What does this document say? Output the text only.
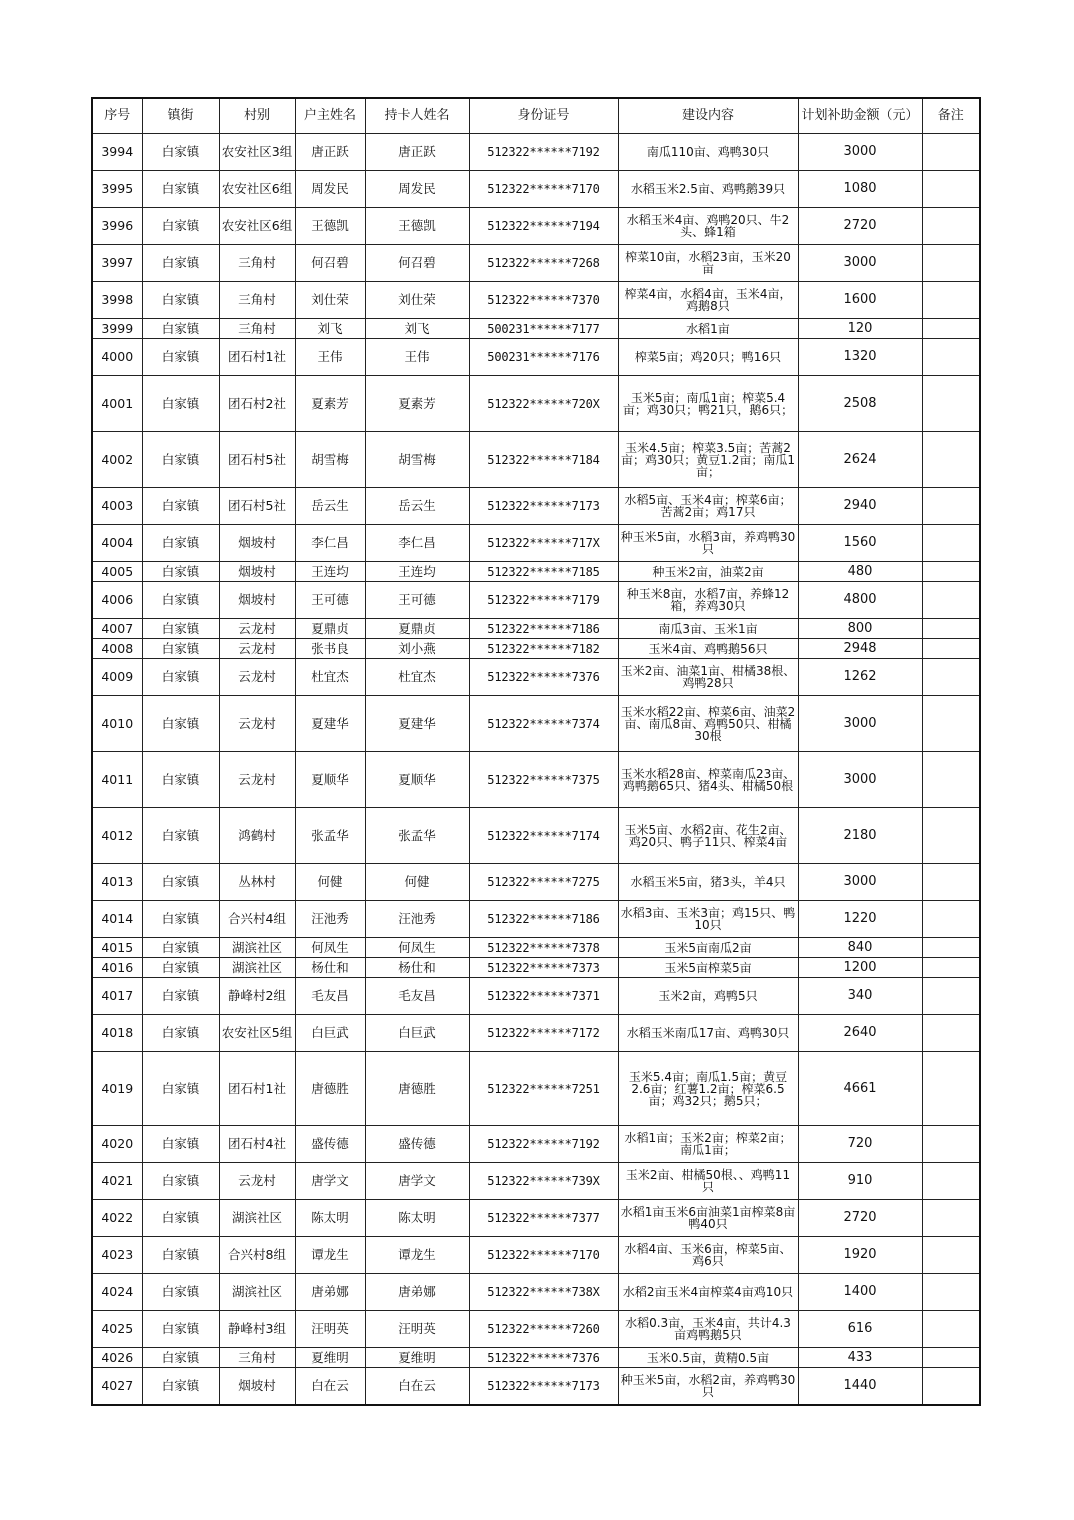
序号	镇街	村别	户主姓名	持卡人姓名	身份证号	建设内容	计划补助金额（元）	备注
3994	白家镇	农安社区3组	唐正跃	唐正跃	512322******7192	南瓜110亩、鸡鸭30只	3000	
3995	白家镇	农安社区6组	周发民	周发民	512322******7170	水稻玉米2.5亩、鸡鸭鹅39只	1080	
3996	白家镇	农安社区6组	王德凯	王德凯	512322******7194	水稻玉米4亩、鸡鸭20只、牛2头、蜂1箱	2720	
3997	白家镇	三角村	何召碧	何召碧	512322******7268	榨菜10亩，水稻23亩，玉米20亩	3000	
3998	白家镇	三角村	刘仕荣	刘仕荣	512322******7370	榨菜4亩，水稻4亩，玉米4亩，鸡鹅8只	1600	
3999	白家镇	三角村	刘飞	刘飞	500231******7177	水稻1亩	120	
4000	白家镇	团石村1社	王伟	王伟	500231******7176	榨菜5亩；鸡20只；鸭16只	1320	
4001	白家镇	团石村2社	夏素芳	夏素芳	512322******720X	玉米5亩；南瓜1亩；榨菜5.4亩；鸡30只；鸭21只，鹅6只；	2508	
4002	白家镇	团石村5社	胡雪梅	胡雪梅	512322******7184	玉米4.5亩；榨菜3.5亩；苦蒿2亩；鸡30只；黄豆1.2亩；南瓜1亩；	2624	
4003	白家镇	团石村5社	岳云生	岳云生	512322******7173	水稻5亩、玉米4亩；榨菜6亩；苦蒿2亩；鸡17只	2940	
4004	白家镇	烟坡村	李仁昌	李仁昌	512322******717X	种玉米5亩，水稻3亩，养鸡鸭30只	1560	
4005	白家镇	烟坡村	王连均	王连均	512322******7185	种玉米2亩，油菜2亩	480	
4006	白家镇	烟坡村	王可德	王可德	512322******7179	种玉米8亩，水稻7亩，养蜂12箱，养鸡30只	4800	
4007	白家镇	云龙村	夏鼎贞	夏鼎贞	512322******7186	南瓜3亩、玉米1亩	800	
4008	白家镇	云龙村	张书良	刘小燕	512322******7182	玉米4亩、鸡鸭鹅56只	2948	
4009	白家镇	云龙村	杜宜杰	杜宜杰	512322******7376	玉米2亩、油菜1亩、柑橘38根、鸡鸭28只	1262	
4010	白家镇	云龙村	夏建华	夏建华	512322******7374	玉米水稻22亩、榨菜6亩、油菜2亩、南瓜8亩、鸡鸭50只、柑橘30根	3000	
4011	白家镇	云龙村	夏顺华	夏顺华	512322******7375	玉米水稻28亩、榨菜南瓜23亩、鸡鸭鹅65只、猪4头、柑橘50根	3000	
4012	白家镇	鸿鹤村	张孟华	张孟华	512322******7174	玉米5亩、水稻2亩、花生2亩、鸡20只、鸭子11只、榨菜4亩	2180	
4013	白家镇	丛林村	何健	何健	512322******7275	水稻玉米5亩，猪3头，羊4只	3000	
4014	白家镇	合兴村4组	汪池秀	汪池秀	512322******7186	水稻3亩、玉米3亩；鸡15只、鸭10只	1220	
4015	白家镇	湖滨社区	何凤生	何凤生	512322******7378	玉米5亩南瓜2亩	840	
4016	白家镇	湖滨社区	杨仕和	杨仕和	512322******7373	玉米5亩榨菜5亩	1200	
4017	白家镇	静峰村2组	毛友昌	毛友昌	512322******7371	玉米2亩，鸡鸭5只	340	
4018	白家镇	农安社区5组	白巨武	白巨武	512322******7172	水稻玉米南瓜17亩、鸡鸭30只	2640	
4019	白家镇	团石村1社	唐德胜	唐德胜	512322******7251	玉米5.4亩；南瓜1.5亩；黄豆2.6亩；红薯1.2亩；榨菜6.5亩；鸡32只；鹅5只；	4661	
4020	白家镇	团石村4社	盛传德	盛传德	512322******7192	水稻1亩；玉米2亩；榨菜2亩；南瓜1亩；	720	
4021	白家镇	云龙村	唐学文	唐学文	512322******739X	玉米2亩、柑橘50根、、鸡鸭11只	910	
4022	白家镇	湖滨社区	陈太明	陈太明	512322******7377	水稻1亩玉米6亩油菜1亩榨菜8亩鸭40只	2720	
4023	白家镇	合兴村8组	谭龙生	谭龙生	512322******7170	水稻4亩、玉米6亩，榨菜5亩、鸡6只	1920	
4024	白家镇	湖滨社区	唐弟娜	唐弟娜	512322******738X	水稻2亩玉米4亩榨菜4亩鸡10只	1400	
4025	白家镇	静峰村3组	汪明英	汪明英	512322******7260	水稻0.3亩，玉米4亩，共计4.3亩鸡鸭鹅5只	616	
4026	白家镇	三角村	夏维明	夏维明	512322******7376	玉米0.5亩，黄精0.5亩	433	
4027	白家镇	烟坡村	白在云	白在云	512322******7173	种玉米5亩，水稻2亩，养鸡鸭30只	1440	
